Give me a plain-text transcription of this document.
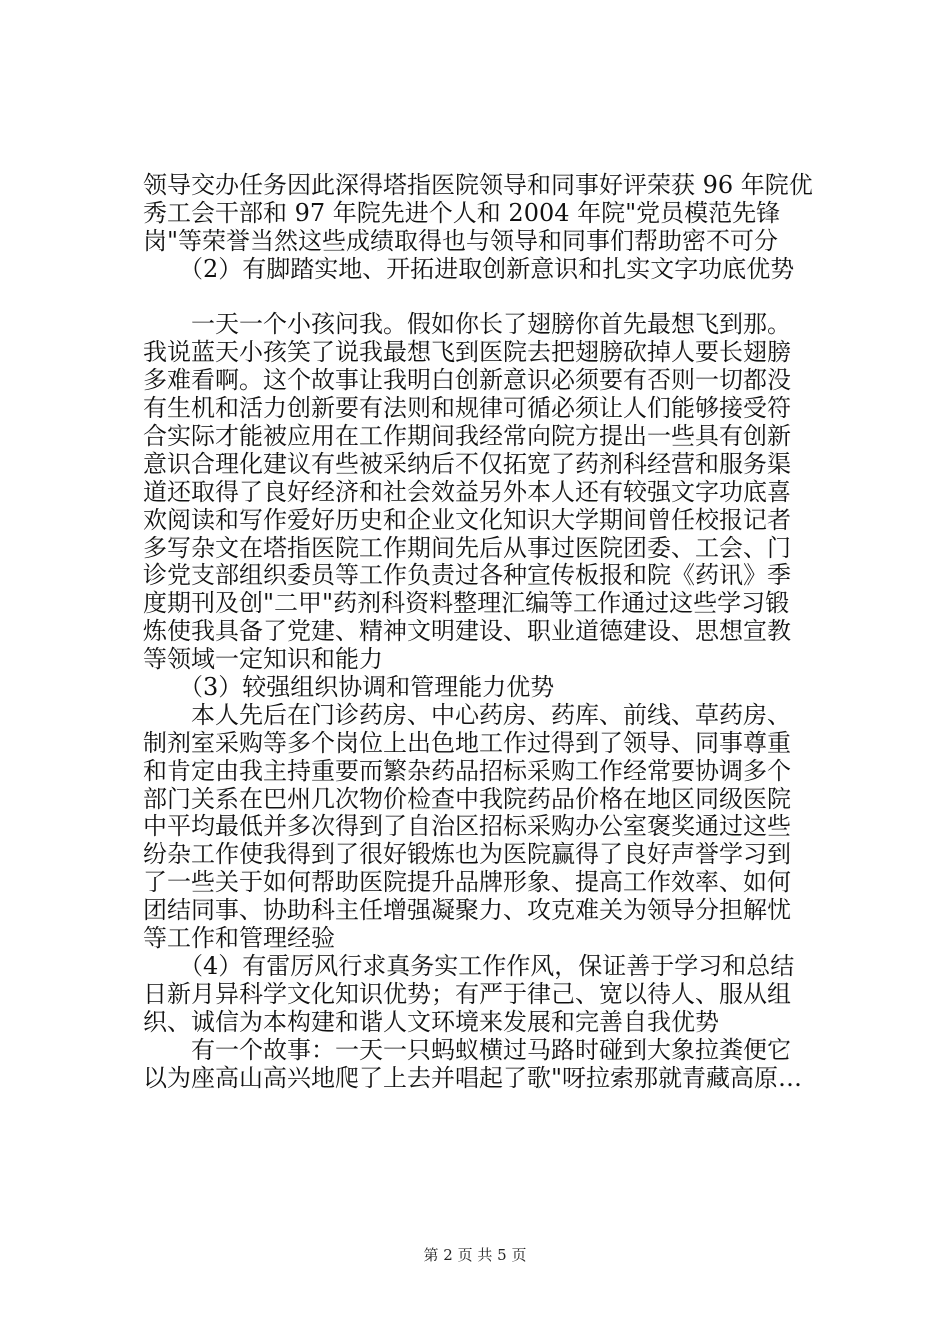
领导交办任务因此深得塔指医院领导和同事好评荣获 96 年院优
秀工会干部和 97 年院先进个人和 2004 年院"党员模范先锋
岗"等荣誉当然这些成绩取得也与领导和同事们帮助密不可分
　　（2）有脚踏实地、开拓进取创新意识和扎实文字功底优势
　　一天一个小孩问我。假如你长了翅膀你首先最想飞到那。
我说蓝天小孩笑了说我最想飞到医院去把翅膀砍掉人要长翅膀
多难看啊。这个故事让我明白创新意识必须要有否则一切都没
有生机和活力创新要有法则和规律可循必须让人们能够接受符
合实际才能被应用在工作期间我经常向院方提出一些具有创新
意识合理化建议有些被采纳后不仅拓宽了药剂科经营和服务渠
道还取得了良好经济和社会效益另外本人还有较强文字功底喜
欢阅读和写作爱好历史和企业文化知识大学期间曾任校报记者
多写杂文在塔指医院工作期间先后从事过医院团委、工会、门
诊党支部组织委员等工作负责过各种宣传板报和院《药讯》季
度期刊及创"二甲"药剂科资料整理汇编等工作通过这些学习锻
炼使我具备了党建、精神文明建设、职业道德建设、思想宣教
等领域一定知识和能力
　　（3）较强组织协调和管理能力优势
　　本人先后在门诊药房、中心药房、药库、前线、草药房、
制剂室采购等多个岗位上出色地工作过得到了领导、同事尊重
和肯定由我主持重要而繁杂药品招标采购工作经常要协调多个
部门关系在巴州几次物价检查中我院药品价格在地区同级医院
中平均最低并多次得到了自治区招标采购办公室褒奖通过这些
纷杂工作使我得到了很好锻炼也为医院赢得了良好声誉学习到
了一些关于如何帮助医院提升品牌形象、提高工作效率、如何
团结同事、协助科主任增强凝聚力、攻克难关为领导分担解忧
等工作和管理经验
　　（4）有雷厉风行求真务实工作作风，保证善于学习和总结
日新月异科学文化知识优势；有严于律己、宽以待人、服从组
织、诚信为本构建和谐人文环境来发展和完善自我优势
　　有一个故事：一天一只蚂蚁横过马路时碰到大象拉粪便它
以为座高山高兴地爬了上去并唱起了歌"呀拉索那就青藏高原…
第 2 页 共 5 页
